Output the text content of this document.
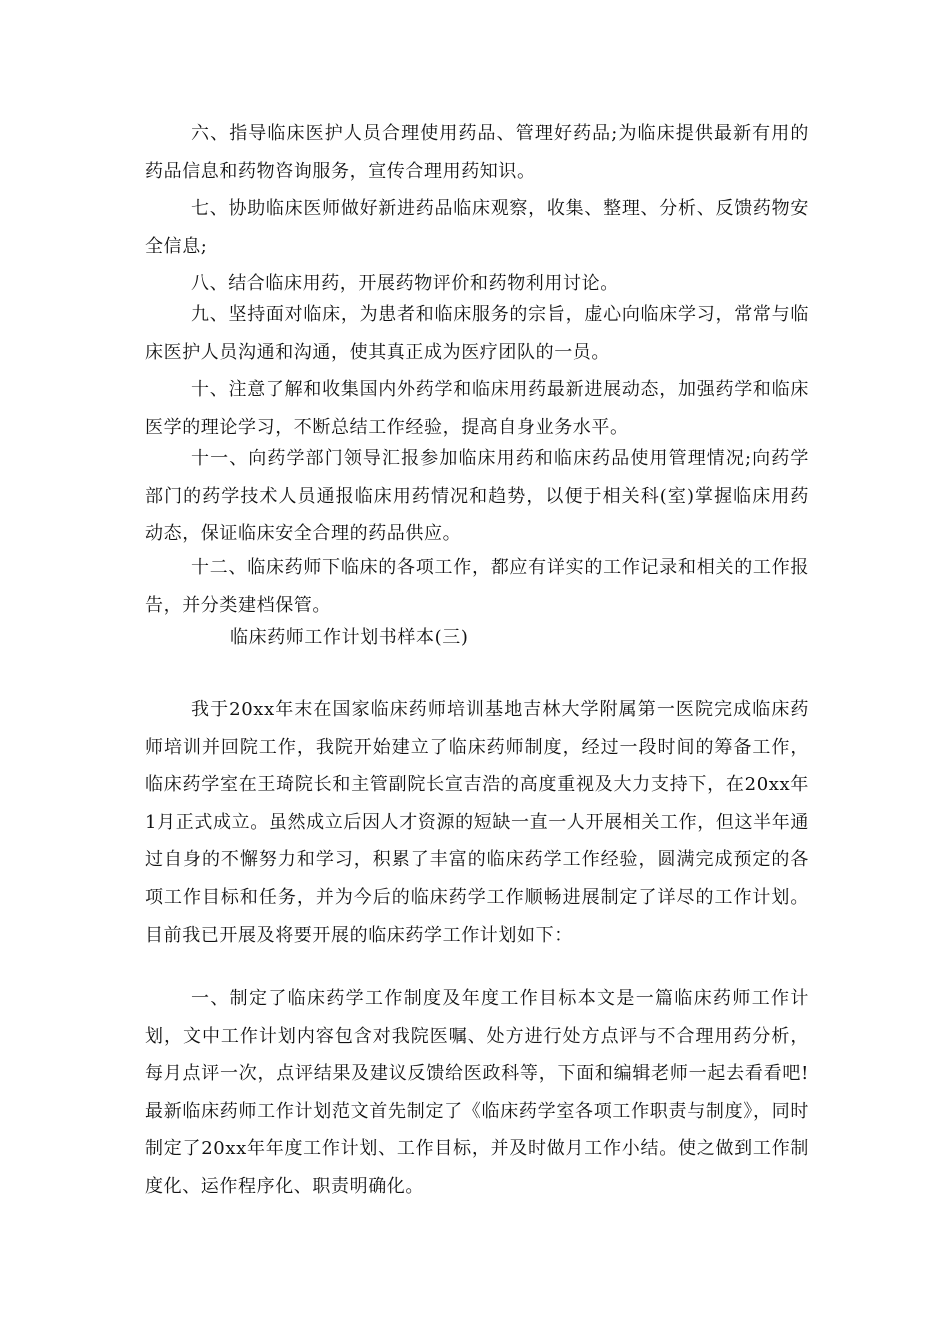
六、指导临床医护人员合理使用药品、管理好药品;为临床提供最新有用的药品信息和药物咨询服务，宣传合理用药知识。

七、协助临床医师做好新进药品临床观察，收集、整理、分析、反馈药物安全信息;

八、结合临床用药，开展药物评价和药物利用讨论。

九、坚持面对临床，为患者和临床服务的宗旨，虚心向临床学习，常常与临床医护人员沟通和沟通，使其真正成为医疗团队的一员。

十、注意了解和收集国内外药学和临床用药最新进展动态，加强药学和临床医学的理论学习，不断总结工作经验，提高自身业务水平。

十一、向药学部门领导汇报参加临床用药和临床药品使用管理情况;向药学部门的药学技术人员通报临床用药情况和趋势，以便于相关科(室)掌握临床用药动态，保证临床安全合理的药品供应。

十二、临床药师下临床的各项工作，都应有详实的工作记录和相关的工作报告，并分类建档保管。

临床药师工作计划书样本(三)

我于20xx年末在国家临床药师培训基地吉林大学附属第一医院完成临床药师培训并回院工作，我院开始建立了临床药师制度，经过一段时间的筹备工作，临床药学室在王琦院长和主管副院长宣吉浩的高度重视及大力支持下，在20xx年1月正式成立。虽然成立后因人才资源的短缺一直一人开展相关工作，但这半年通过自身的不懈努力和学习，积累了丰富的临床药学工作经验，圆满完成预定的各项工作目标和任务，并为今后的临床药学工作顺畅进展制定了详尽的工作计划。目前我已开展及将要开展的临床药学工作计划如下：

一、制定了临床药学工作制度及年度工作目标本文是一篇临床药师工作计划，文中工作计划内容包含对我院医嘱、处方进行处方点评与不合理用药分析，每月点评一次，点评结果及建议反馈给医政科等，下面和编辑老师一起去看看吧!最新临床药师工作计划范文首先制定了《临床药学室各项工作职责与制度》，同时制定了20xx年年度工作计划、工作目标，并及时做月工作小结。使之做到工作制度化、运作程序化、职责明确化。
